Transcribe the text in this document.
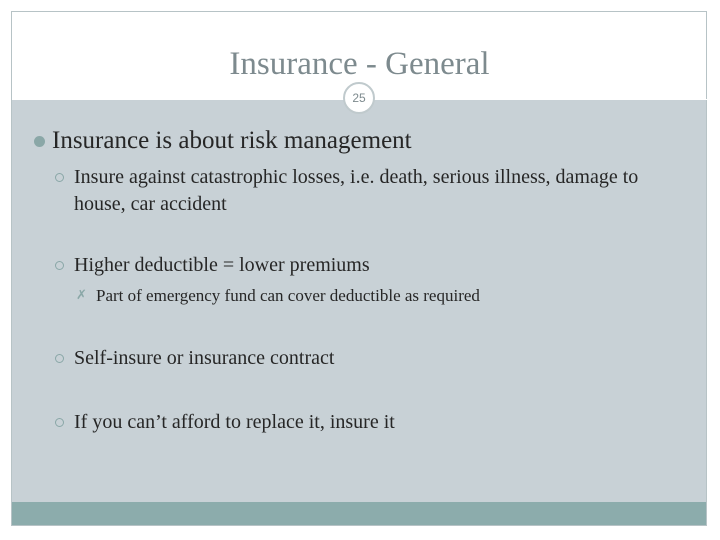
Insurance - General
25
Insurance is about risk management
Insure against catastrophic losses, i.e. death, serious illness, damage to house, car accident
Higher deductible = lower premiums
✗ Part of emergency fund can cover deductible as required
Self-insure or insurance contract
If you can’t afford to replace it, insure it
